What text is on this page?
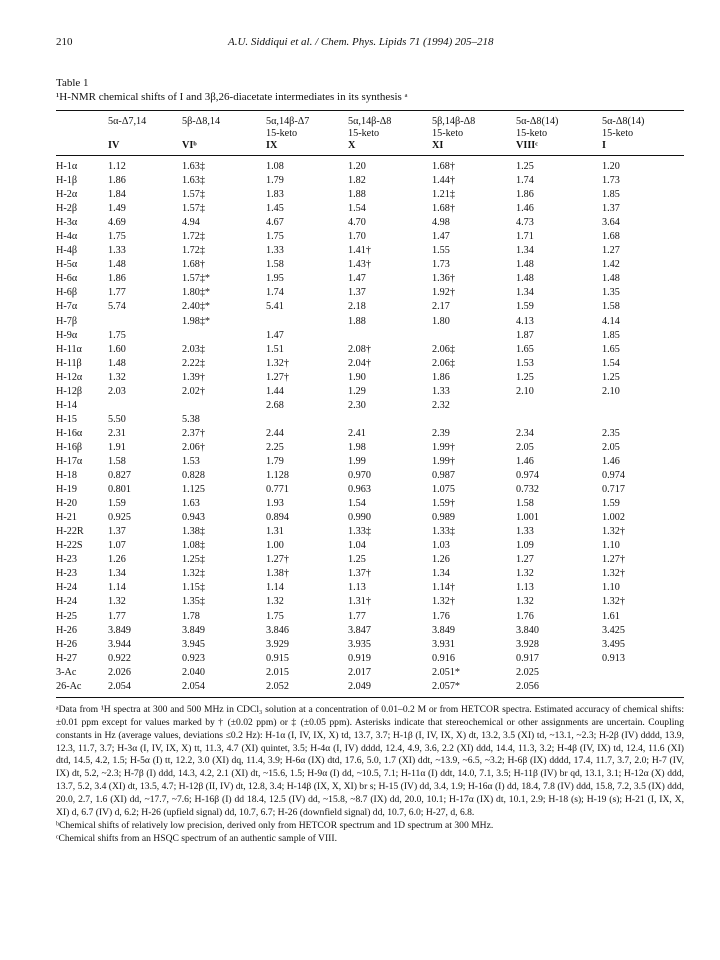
210	A.U. Siddiqui et al. / Chem. Phys. Lipids 71 (1994) 205–218
Table 1
¹H-NMR chemical shifts of I and 3β,26-diacetate intermediates in its synthesis ᵃ
	5α-Δ7,14	5β-Δ8,14	5α,14β-Δ7	5α,14β-Δ8	5β,14β-Δ8	5α-Δ8(14)	5α-Δ8(14)
			15-keto	15-keto	15-keto	15-keto	15-keto
	IV	VIᵇ	IX	X	XI	VIIIᶜ	I
H-1α	1.12	1.63‡	1.08	1.20	1.68†	1.25	1.20
H-1β	1.86	1.63‡	1.79	1.82	1.44†	1.74	1.73
H-2α	1.84	1.57‡	1.83	1.88	1.21‡	1.86	1.85
H-2β	1.49	1.57‡	1.45	1.54	1.68†	1.46	1.37
H-3α	4.69	4.94	4.67	4.70	4.98	4.73	3.64
H-4α	1.75	1.72‡	1.75	1.70	1.47	1.71	1.68
H-4β	1.33	1.72‡	1.33	1.41†	1.55	1.34	1.27
H-5α	1.48	1.68†	1.58	1.43†	1.73	1.48	1.42
H-6α	1.86	1.57‡*	1.95	1.47	1.36†	1.48	1.48
H-6β	1.77	1.80‡*	1.74	1.37	1.92†	1.34	1.35
H-7α	5.74	2.40‡*	5.41	2.18	2.17	1.59	1.58
H-7β		1.98‡*		1.88	1.80	4.13	4.14
H-9α	1.75		1.47			1.87	1.85
H-11α	1.60	2.03‡	1.51	2.08†	2.06‡	1.65	1.65
H-11β	1.48	2.22‡	1.32†	2.04†	2.06‡	1.53	1.54
H-12α	1.32	1.39†	1.27†	1.90	1.86	1.25	1.25
H-12β	2.03	2.02†	1.44	1.29	1.33	2.10	2.10
H-14			2.68	2.30	2.32		
H-15	5.50	5.38					
H-16α	2.31	2.37†	2.44	2.41	2.39	2.34	2.35
H-16β	1.91	2.06†	2.25	1.98	1.99†	2.05	2.05
H-17α	1.58	1.53	1.79	1.99	1.99†	1.46	1.46
H-18	0.827	0.828	1.128	0.970	0.987	0.974	0.974
H-19	0.801	1.125	0.771	0.963	1.075	0.732	0.717
H-20	1.59	1.63	1.93	1.54	1.59†	1.58	1.59
H-21	0.925	0.943	0.894	0.990	0.989	1.001	1.002
H-22R	1.37	1.38‡	1.31	1.33‡	1.33‡	1.33	1.32†
H-22S	1.07	1.08‡	1.00	1.04	1.03	1.09	1.10
H-23	1.26	1.25‡	1.27†	1.25	1.26	1.27	1.27†
H-23	1.34	1.32‡	1.38†	1.37†	1.34	1.32	1.32†
H-24	1.14	1.15‡	1.14	1.13	1.14†	1.13	1.10
H-24	1.32	1.35‡	1.32	1.31†	1.32†	1.32	1.32†
H-25	1.77	1.78	1.75	1.77	1.76	1.76	1.61
H-26	3.849	3.849	3.846	3.847	3.849	3.840	3.425
H-26	3.944	3.945	3.929	3.935	3.931	3.928	3.495
H-27	0.922	0.923	0.915	0.919	0.916	0.917	0.913
3-Ac	2.026	2.040	2.015	2.017	2.051*	2.025	
26-Ac	2.054	2.054	2.052	2.049	2.057*	2.056	

ᵃData from ¹H spectra at 300 and 500 MHz in CDCl₃ solution at a concentration of 0.01–0.2 M or from HETCOR spectra. Estimated accuracy of chemical shifts: ±0.01 ppm except for values marked by † (±0.02 ppm) or ‡ (±0.05 ppm). Asterisks indicate that stereochemical or other assignments are uncertain. Coupling constants in Hz (average values, deviations ≤0.2 Hz): H-1α (I, IV, IX, X) td, 13.7, 3.7; H-1β (I, IV, IX, X) dt, 13.2, 3.5 (XI) td, ~13.1, ~2.3; H-2β (IV) dddd, 13.9, 12.3, 11.7, 3.7; H-3α (I, IV, IX, X) tt, 11.3, 4.7 (XI) quintet, 3.5; H-4α (I, IV) dddd, 12.4, 4.9, 3.6, 2.2 (XI) ddd, 14.4, 11.3, 3.2; H-4β (IV, IX) td, 12.4, 11.6 (XI) dtd, 14.5, 4.2, 1.5; H-5α (I) tt, 12.2, 3.0 (XI) dq, 11.4, 3.9; H-6α (IX) dtd, 17.6, 5.0, 1.7 (XI) ddt, ~13.9, ~6.5, ~3.2; H-6β (IX) dddd, 17.4, 11.7, 3.7, 2.0; H-7 (IV, IX) dt, 5.2, ~2.3; H-7β (I) ddd, 14.3, 4.2, 2.1 (XI) dt, ~15.6, 1.5; H-9α (I) dd, ~10.5, 7.1; H-11α (I) ddt, 14.0, 7.1, 3.5; H-11β (IV) br qd, 13.1, 3.1; H-12α (X) ddd, 13.7, 5.2, 3.4 (XI) dt, 13.5, 4.7; H-12β (II, IV) dt, 12.8, 3.4; H-14β (IX, X, XI) br s; H-15 (IV) dd, 3.4, 1.9; H-16α (I) dd, 18.4, 7.8 (IV) ddd, 15.8, 7.2, 3.5 (IX) ddd, 20.0, 2.7, 1.6 (XI) dd, ~17.7, ~7.6; H-16β (I) dd 18.4, 12.5 (IV) dd, ~15.8, ~8.7 (IX) dd, 20.0, 10.1; H-17α (IX) dt, 10.1, 2.9; H-18 (s); H-19 (s); H-21 (I, IX, X, XI) d, 6.7 (IV) d, 6.2; H-26 (upfield signal) dd, 10.7, 6.7; H-26 (downfield signal) dd, 10.7, 6.0; H-27, d, 6.8.

ᵇChemical shifts of relatively low precision, derived only from HETCOR spectrum and 1D spectrum at 300 MHz.

ᶜChemical shifts from an HSQC spectrum of an authentic sample of VIII.
